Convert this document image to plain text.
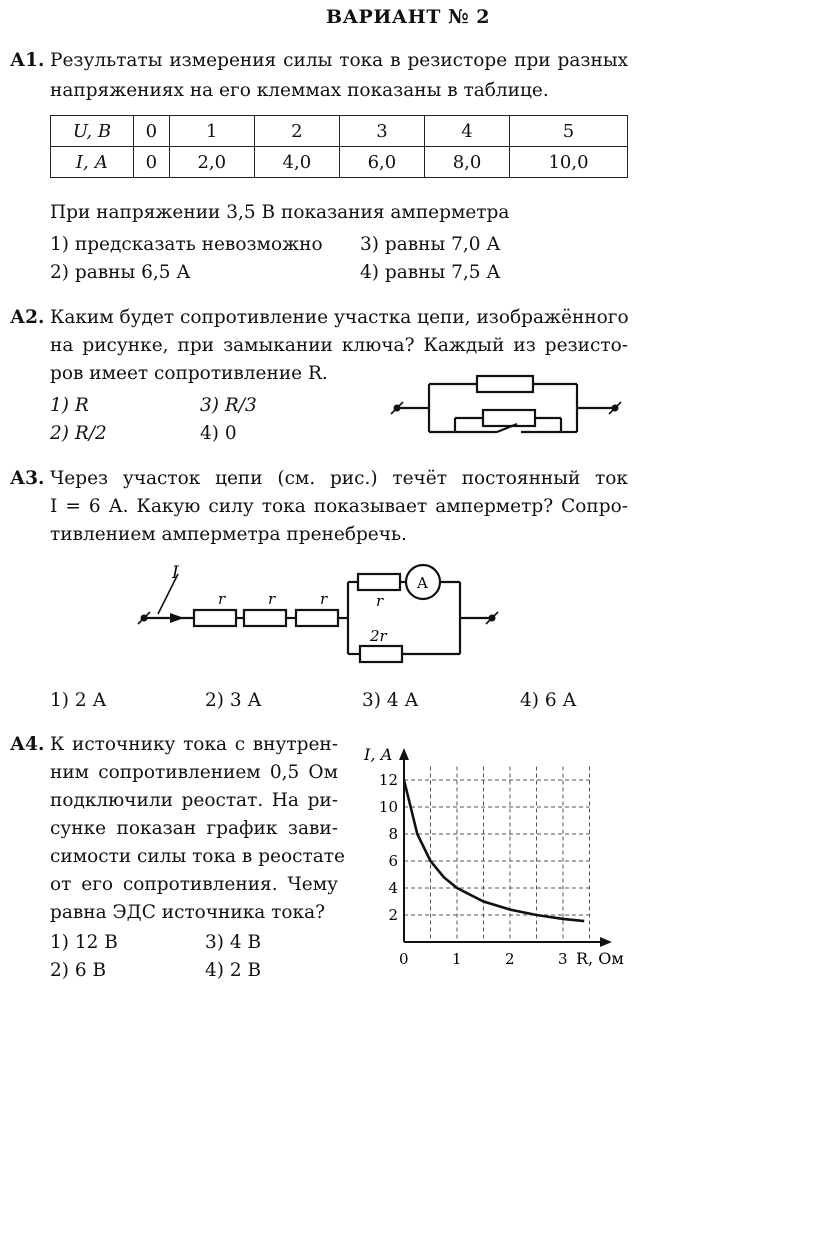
ВАРИАНТ № 2
А1. Результаты измерения силы тока в резисторе при разных
напряжениях на его клеммах показаны в таблице.
U, В	0	1	2	3	4	5
I, А	0	2,0	4,0	6,0	8,0	10,0
При напряжении 3,5 В показания амперметра
1) предсказать невозможно
2) равны 6,5 А
3) равны 7,0 А
4) равны 7,5 А
А2. Каким будет сопротивление участка цепи, изображённого
на рисунке, при замыкании ключа? Каждый из резисто-
ров имеет сопротивление R.
1) R
2) R/2
3) R/3
4) 0
А3. Через участок цепи (см. рис.) течёт постоянный ток
I = 6 А. Какую силу тока показывает амперметр? Сопро-
тивлением амперметра пренебречь.
I
r	r	r	r
2r
A
1) 2 А	2) 3 А	3) 4 А	4) 6 А
А4. К источнику тока с внутрен-
ним сопротивлением 0,5 Ом
подключили реостат. На ри-
сунке показан график зави-
симости силы тока в реостате
от его сопротивления. Чему
равна ЭДС источника тока?
1) 12 В
2) 6 В
3) 4 В
4) 2 В
0	1	2	3
2
4
6
8
10
12
I, А
R, Ом
